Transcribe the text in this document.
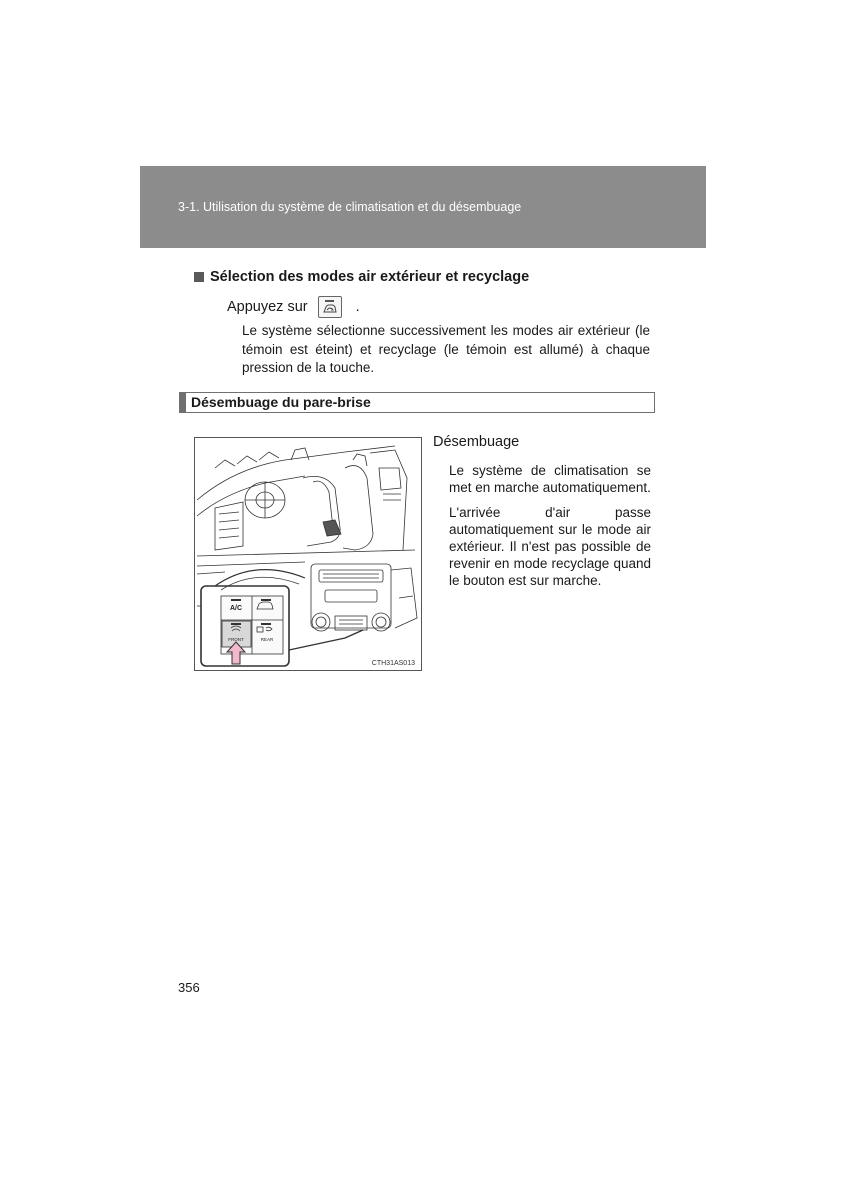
3-1. Utilisation du système de climatisation et du désembuage
Sélection des modes air extérieur et recyclage
Appuyez sur	.
Le système sélectionne successivement les modes air extérieur (le témoin est éteint) et recyclage (le témoin est allumé) à chaque pression de la touche.
Désembuage du pare-brise
A/C
FRONT	REAR
CTH31AS013
Désembuage
Le système de climatisation se met en marche automatiquement.
L'arrivée d'air passe automatiquement sur le mode air extérieur. Il n'est pas possible de revenir en mode recyclage quand le bouton est sur marche.
356
